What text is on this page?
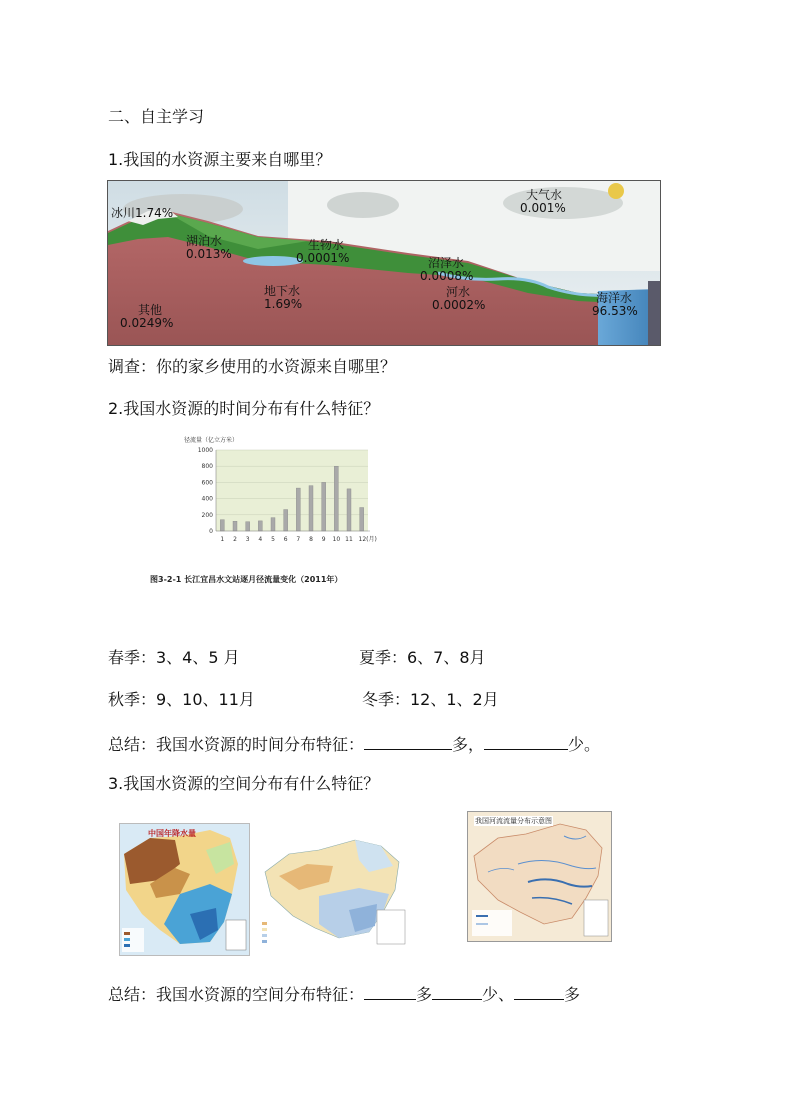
二、自主学习
1.我国的水资源主要来自哪里？
冰川1.74%
湖泊水
0.013%
生物水
0.0001%
大气水
0.001%
沼泽水
0.0008%
河水
0.0002%
地下水
1.69%
其他
0.0249%
海洋水
96.53%
调查：你的家乡使用的水资源来自哪里？
2.我国水资源的时间分布有什么特征？
径流量（亿立方米）
0
200
400
600
800
1000
1 2 3 4 5 6 7 8 9 10 11 12(月)
图3-2-1 长江宜昌水文站逐月径流量变化（2011年）
春季：3、4、5 月	夏季：6、7、8月
秋季：9、10、11月	冬季：12、1、2月
总结：我国水资源的时间分布特征：	多，	少。
3.我国水资源的空间分布有什么特征？
中国年降水量
我国河流流量分布示意图
总结：我国水资源的空间分布特征：	多	少、	多
